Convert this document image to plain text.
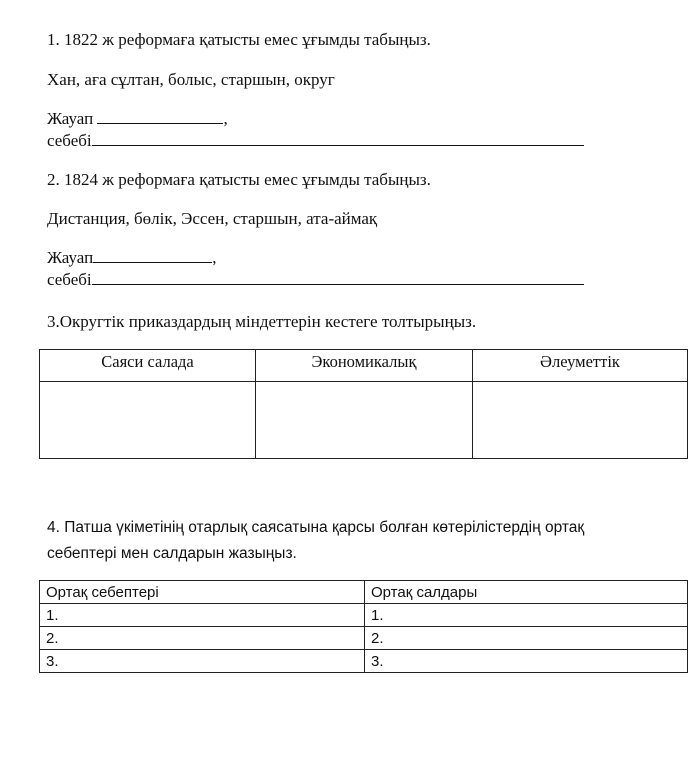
1. 1822 ж реформаға қатысты емес ұғымды табыңыз.
Хан, аға сұлтан, болыс, старшын, округ
Жауап	,
себебі
2. 1824 ж реформаға қатысты емес ұғымды табыңыз.
Дистанция, бөлік, Эссен, старшын, ата-аймақ
Жауап	,
себебі
3.Округтік приказдардың міндеттерін кестеге толтырыңыз.
Саяси салада	Экономикалық	Әлеуметтік

4. Патша үкіметінің отарлық саясатына қарсы болған көтерілістердің ортақ
себептері мен салдарын жазыңыз.
Ортақ себептері	Ортақ салдары
1.	1.
2.	2.
3.	3.
